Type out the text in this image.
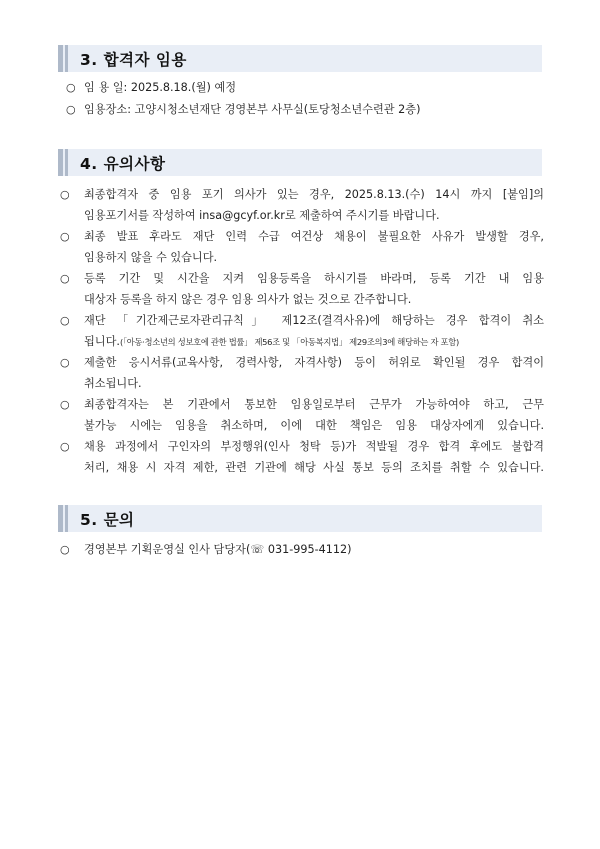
3. 합격자 임용
○ 임 용 일: 2025.8.18.(월) 예정
○ 임용장소: 고양시청소년재단 경영본부 사무실(토당청소년수련관 2층)
4. 유의사항
○	최종합격자 중 임용 포기 의사가 있는 경우, 2025.8.13.(수) 14시 까지 [붙임]의
임용포기서를 작성하여 insa@gcyf.or.kr로 제출하여 주시기를 바랍니다.
○	최종 발표 후라도 재단 인력 수급 여건상 채용이 불필요한 사유가 발생할 경우,
임용하지 않을 수 있습니다.
○	등록 기간 및 시간을 지켜 임용등록을 하시기를 바라며, 등록 기간 내 임용
대상자 등록을 하지 않은 경우 임용 의사가 없는 것으로 간주합니다.
○	재단 「기간제근로자관리규칙」 제12조(결격사유)에 해당하는 경우 합격이 취소
됩니다.(「아동·청소년의 성보호에 관한 법률」 제56조 및 「아동복지법」 제29조의3에 해당하는 자 포함)
○	제출한 응시서류(교육사항, 경력사항, 자격사항) 등이 허위로 확인될 경우 합격이
취소됩니다.
○	최종합격자는 본 기관에서 통보한 임용일로부터 근무가 가능하여야 하고, 근무
불가능 시에는 임용을 취소하며, 이에 대한 책임은 임용 대상자에게 있습니다.
○	채용 과정에서 구인자의 부정행위(인사 청탁 등)가 적발될 경우 합격 후에도 불합격
처리, 채용 시 자격 제한, 관련 기관에 해당 사실 통보 등의 조치를 취할 수 있습니다.
5. 문의
○	경영본부 기획운영실 인사 담당자(☏ 031-995-4112)
